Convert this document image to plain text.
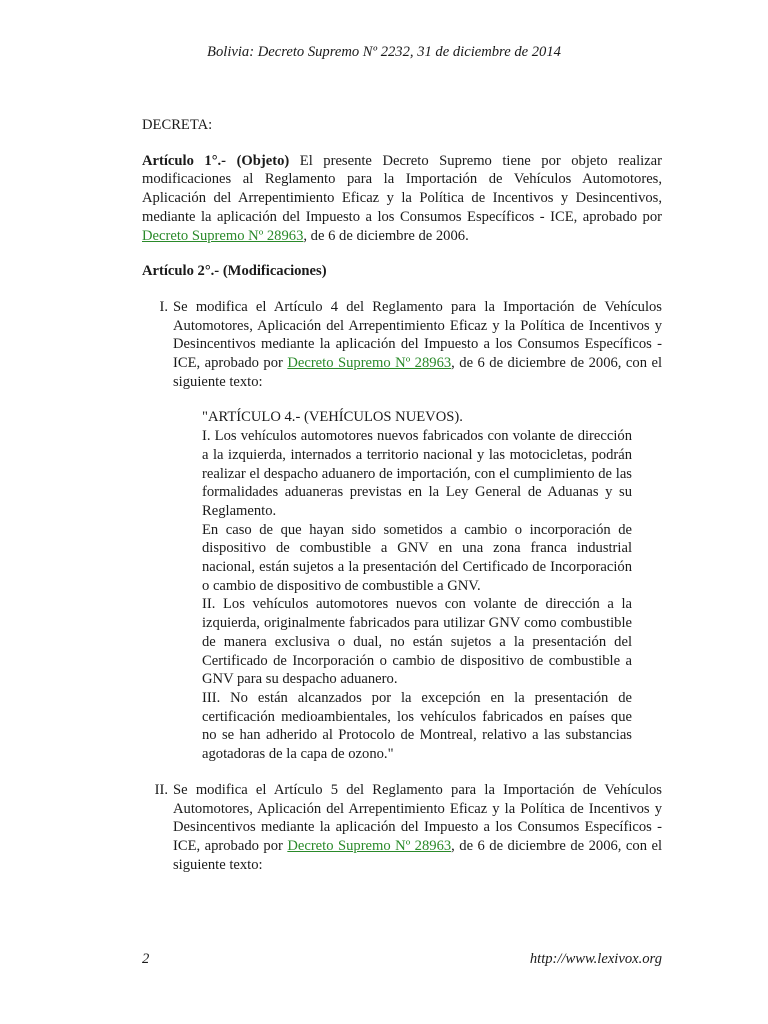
Bolivia: Decreto Supremo Nº 2232, 31 de diciembre de 2014

DECRETA:

Artículo 1°.- (Objeto) El presente Decreto Supremo tiene por objeto realizar modificaciones al Reglamento para la Importación de Vehículos Automotores, Aplicación del Arrepentimiento Eficaz y la Política de Incentivos y Desincentivos, mediante la aplicación del Impuesto a los Consumos Específicos - ICE, aprobado por Decreto Supremo Nº 28963, de 6 de diciembre de 2006.

Artículo 2°.- (Modificaciones)

I. Se modifica el Artículo 4 del Reglamento para la Importación de Vehículos Automotores, Aplicación del Arrepentimiento Eficaz y la Política de Incentivos y Desincentivos mediante la aplicación del Impuesto a los Consumos Específicos - ICE, aprobado por Decreto Supremo Nº 28963, de 6 de diciembre de 2006, con el siguiente texto:

"ARTÍCULO 4.- (VEHÍCULOS NUEVOS).

I. Los vehículos automotores nuevos fabricados con volante de dirección a la izquierda, internados a territorio nacional y las motocicletas, podrán realizar el despacho aduanero de importación, con el cumplimiento de las formalidades aduaneras previstas en la Ley General de Aduanas y su Reglamento.

En caso de que hayan sido sometidos a cambio o incorporación de dispositivo de combustible a GNV en una zona franca industrial nacional, están sujetos a la presentación del Certificado de Incorporación o cambio de dispositivo de combustible a GNV.

II. Los vehículos automotores nuevos con volante de dirección a la izquierda, originalmente fabricados para utilizar GNV como combustible de manera exclusiva o dual, no están sujetos a la presentación del Certificado de Incorporación o cambio de dispositivo de combustible a GNV para su despacho aduanero.

III. No están alcanzados por la excepción en la presentación de certificación medioambientales, los vehículos fabricados en países que no se han adherido al Protocolo de Montreal, relativo a las substancias agotadoras de la capa de ozono."

II. Se modifica el Artículo 5 del Reglamento para la Importación de Vehículos Automotores, Aplicación del Arrepentimiento Eficaz y la Política de Incentivos y Desincentivos mediante la aplicación del Impuesto a los Consumos Específicos - ICE, aprobado por Decreto Supremo Nº 28963, de 6 de diciembre de 2006, con el siguiente texto:

2	http://www.lexivox.org
